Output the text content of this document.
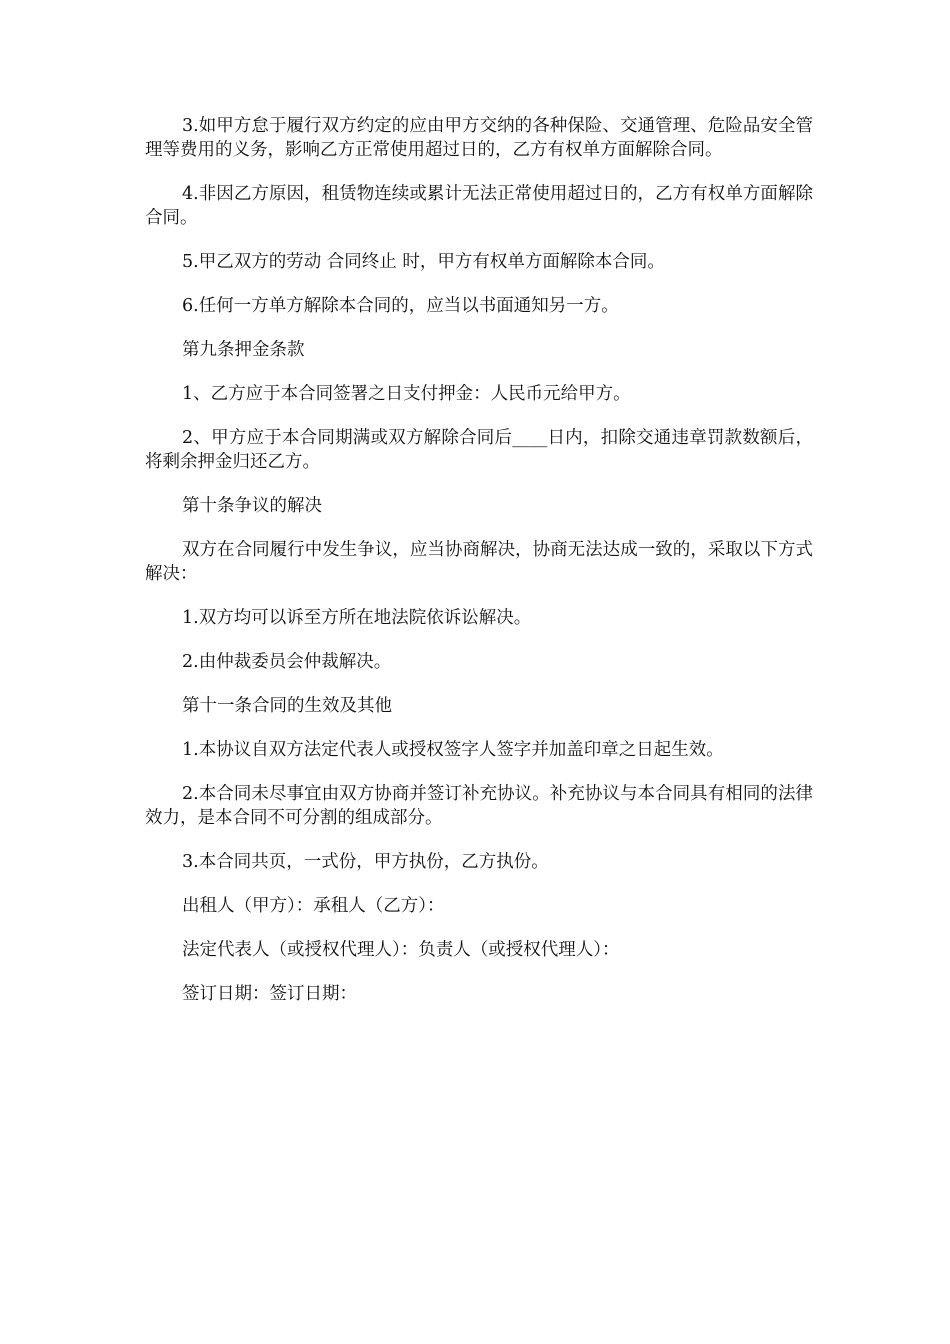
3.如甲方怠于履行双方约定的应由甲方交纳的各种保险、交通管理、危险品安全管理等费用的义务，影响乙方正常使用超过日的，乙方有权单方面解除合同。

4.非因乙方原因，租赁物连续或累计无法正常使用超过日的，乙方有权单方面解除合同。

5.甲乙双方的劳动 合同终止 时，甲方有权单方面解除本合同。

6.任何一方单方解除本合同的，应当以书面通知另一方。

第九条押金条款

1、乙方应于本合同签署之日支付押金：人民币元给甲方。

2、甲方应于本合同期满或双方解除合同后____日内，扣除交通违章罚款数额后，将剩余押金归还乙方。

第十条争议的解决

双方在合同履行中发生争议，应当协商解决，协商无法达成一致的，采取以下方式解决：

1.双方均可以诉至方所在地法院依诉讼解决。

2.由仲裁委员会仲裁解决。

第十一条合同的生效及其他

1.本协议自双方法定代表人或授权签字人签字并加盖印章之日起生效。

2.本合同未尽事宜由双方协商并签订补充协议。补充协议与本合同具有相同的法律效力，是本合同不可分割的组成部分。

3.本合同共页，一式份，甲方执份，乙方执份。

出租人（甲方）：承租人（乙方）：

法定代表人（或授权代理人）：负责人（或授权代理人）：

签订日期：签订日期：
